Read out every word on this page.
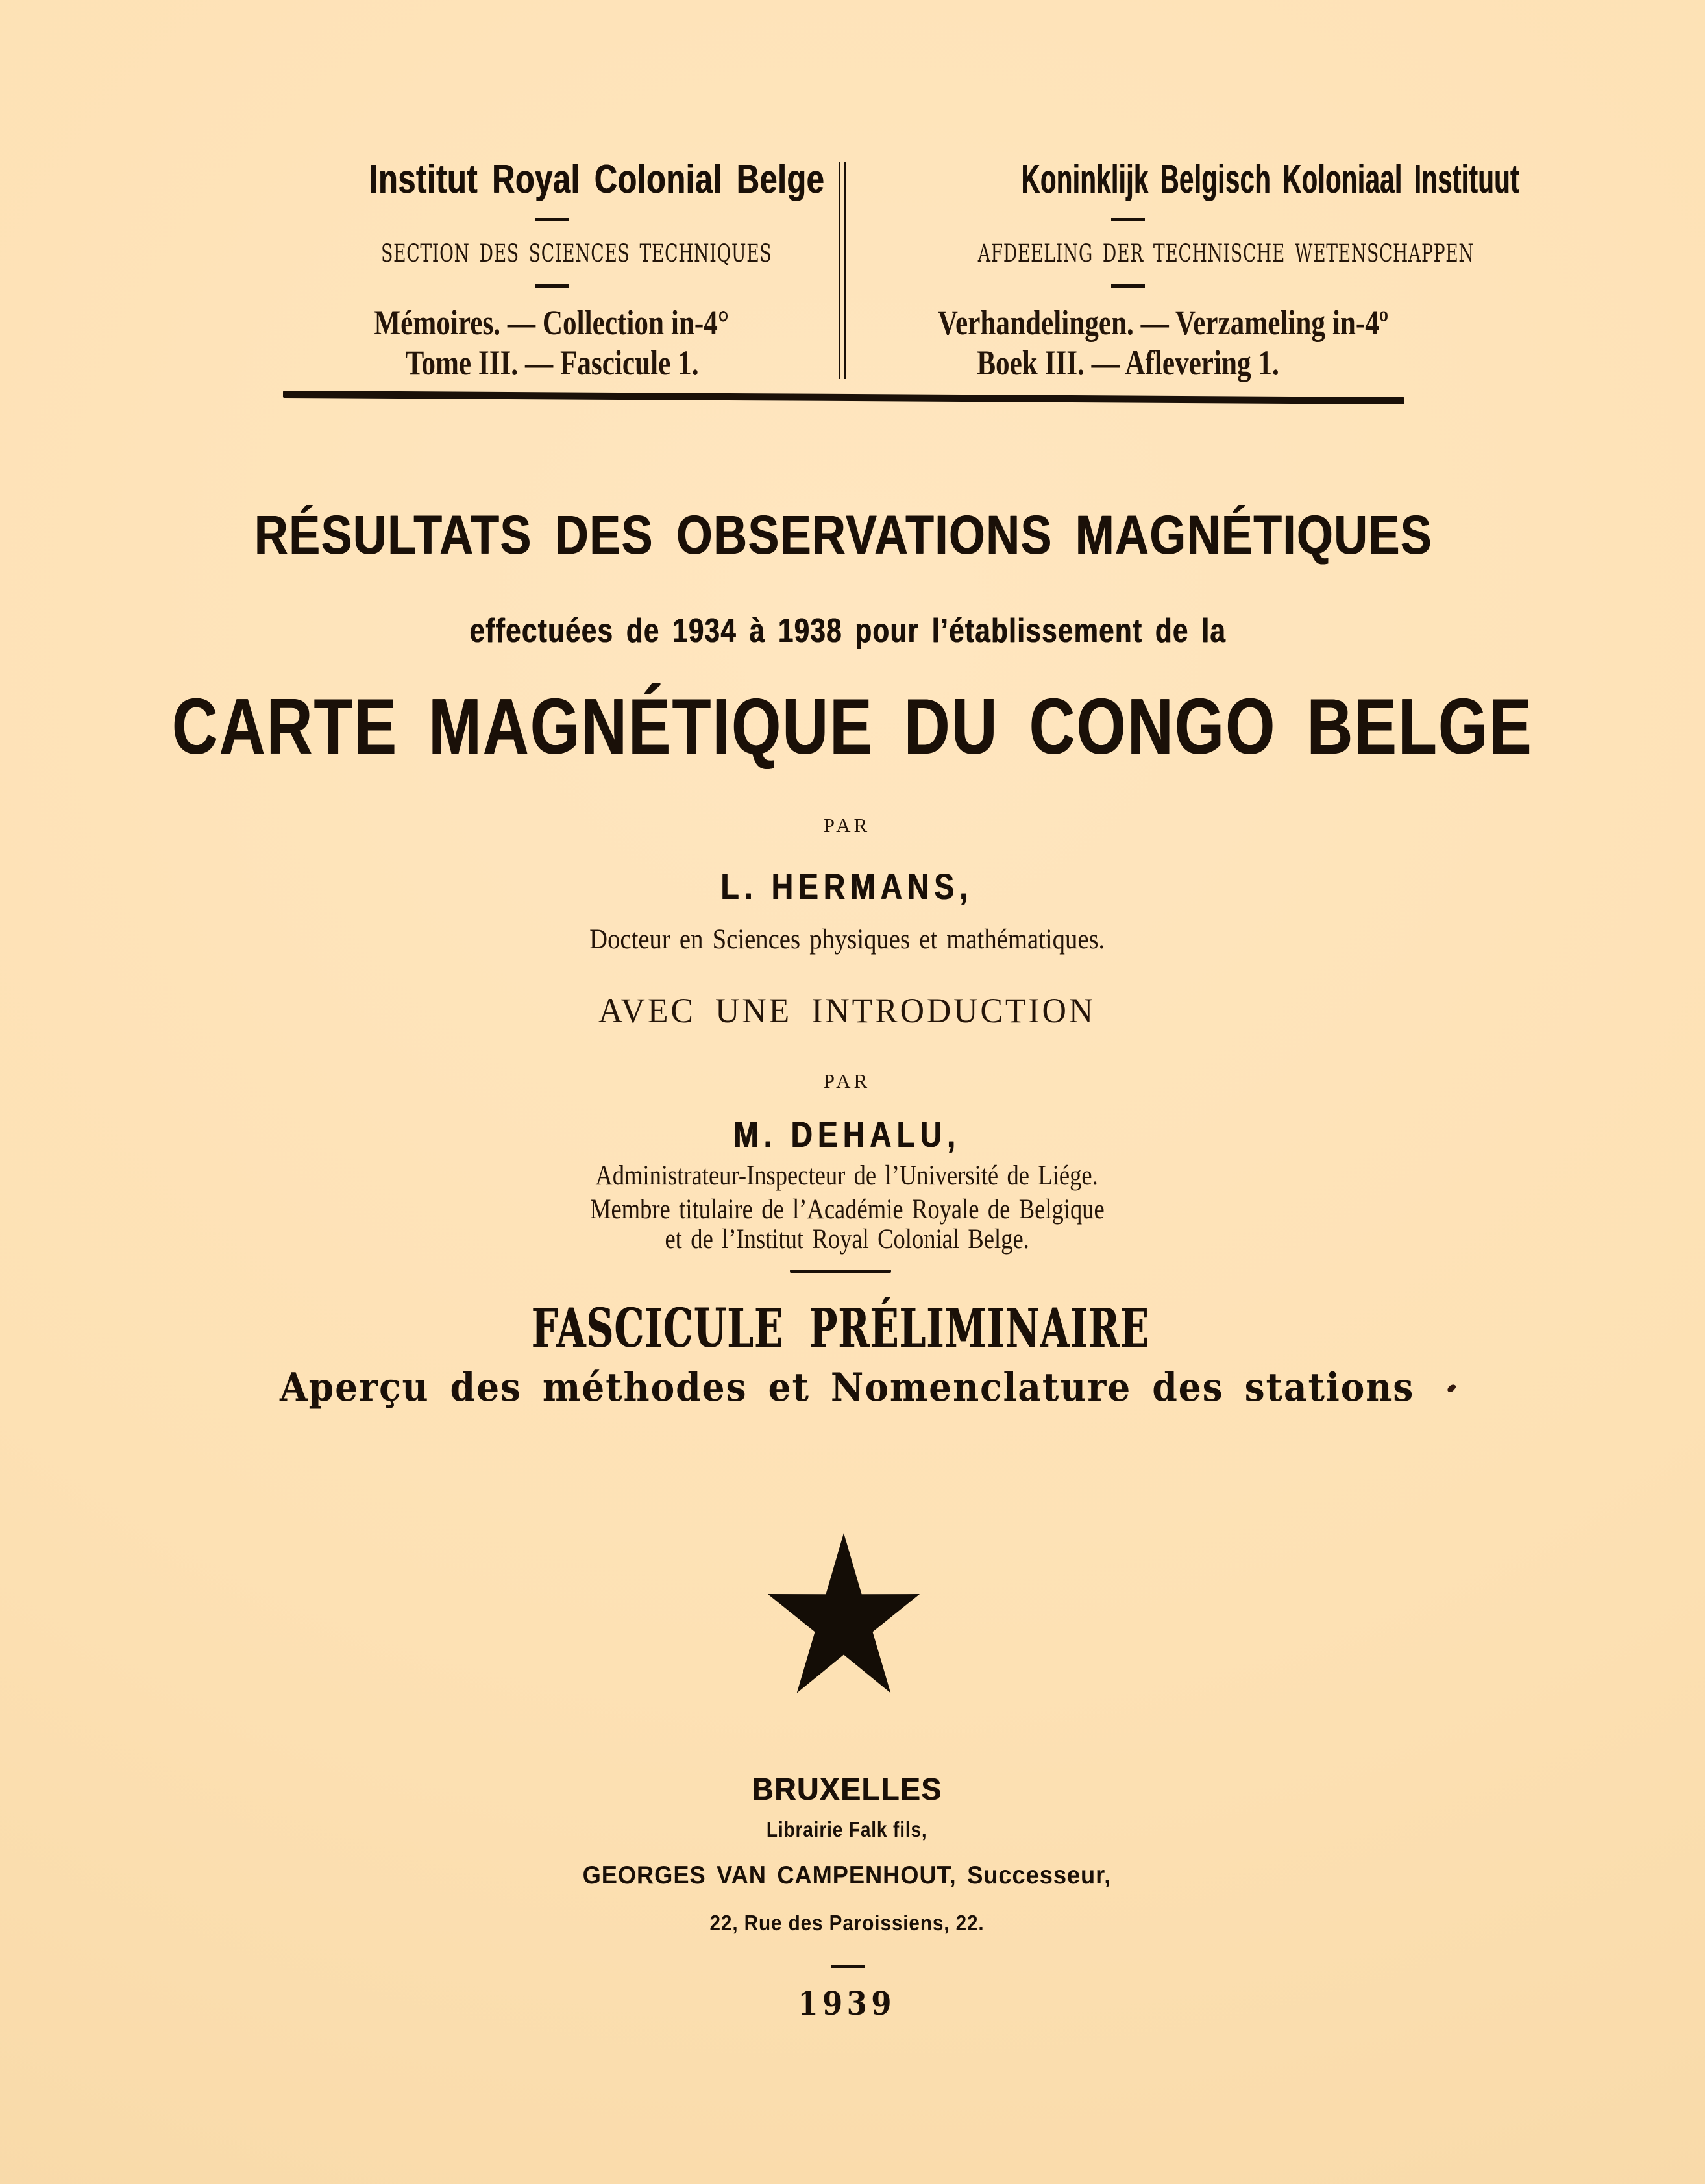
Institut Royal Colonial Belge
SECTION DES SCIENCES TECHNIQUES
Mémoires. — Collection in-4°
Tome III. — Fascicule 1.
Koninklijk Belgisch Koloniaal Instituut
AFDEELING DER TECHNISCHE WETENSCHAPPEN
Verhandelingen. — Verzameling in-4º
Boek III. — Aflevering 1.
RÉSULTATS DES OBSERVATIONS MAGNÉTIQUES
effectuées de 1934 à 1938 pour l’établissement de la
CARTE MAGNÉTIQUE DU CONGO BELGE
PAR
L. HERMANS,
Docteur en Sciences physiques et mathématiques.
AVEC UNE INTRODUCTION
PAR
M. DEHALU,
Administrateur-Inspecteur de l’Université de Liége.
Membre titulaire de l’Académie Royale de Belgique
et de l’Institut Royal Colonial Belge.
FASCICULE PRÉLIMINAIRE
Aperçu des méthodes et Nomenclature des stations
BRUXELLES
Librairie Falk fils,
GEORGES VAN CAMPENHOUT, Successeur,
22, Rue des Paroissiens, 22.
1939
